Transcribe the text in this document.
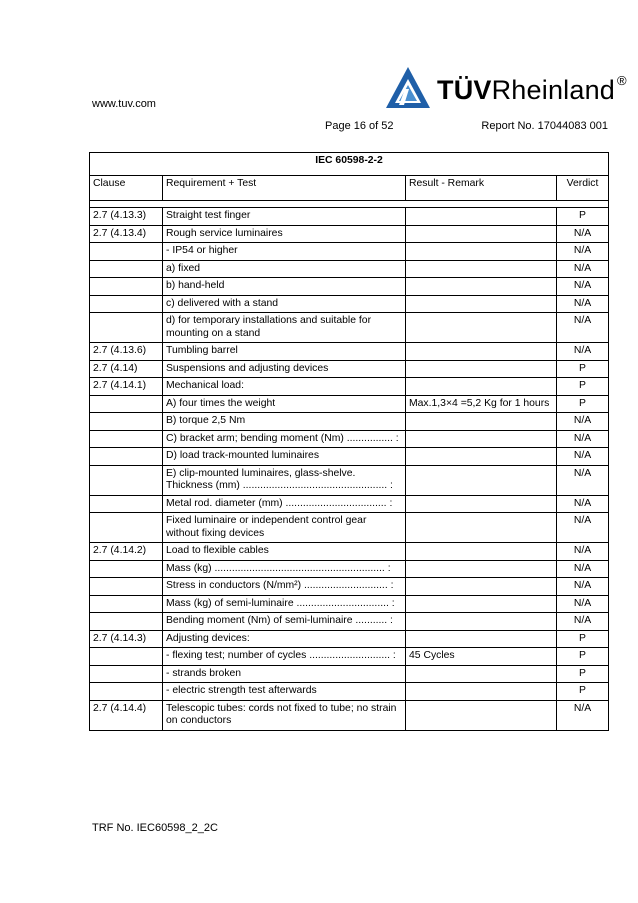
TÜVRheinland ®
www.tuv.com
Page 16 of 52	Report No. 17044083 001
IEC 60598-2-2			
Clause	Requirement + Test	Result - Remark	Verdict

2.7 (4.13.3)	Straight test finger		P
2.7 (4.13.4)	Rough service luminaires		N/A
	- IP54 or higher		N/A
	a) fixed		N/A
	b) hand-held		N/A
	c) delivered with a stand		N/A
	d) for temporary installations and suitable for mounting on a stand		N/A
2.7 (4.13.6)	Tumbling barrel		N/A
2.7 (4.14)	Suspensions and adjusting devices		P
2.7 (4.14.1)	Mechanical load:		P
	A) four times the weight	Max.1,3×4 =5,2 Kg for 1 hours	P
	B) torque 2,5 Nm		N/A
	C) bracket arm; bending moment (Nm) ................ :		N/A
	D) load track-mounted luminaires		N/A
	E) clip-mounted luminaires, glass-shelve. Thickness (mm) .................................................. :		N/A
	Metal rod. diameter (mm) ................................... :		N/A
	Fixed luminaire or independent control gear without fixing devices		N/A
2.7 (4.14.2)	Load to flexible cables		N/A
	Mass (kg) ........................................................... :		N/A
	Stress in conductors (N/mm²) ............................. :		N/A
	Mass (kg) of semi-luminaire ................................ :		N/A
	Bending moment (Nm) of semi-luminaire ........... :		N/A
2.7 (4.14.3)	Adjusting devices:		P
	- flexing test; number of cycles ............................ :	45 Cycles	P
	- strands broken		P
	- electric strength test afterwards		P
2.7 (4.14.4)	Telescopic tubes: cords not fixed to tube; no strain on conductors		N/A
TRF No. IEC60598_2_2C
